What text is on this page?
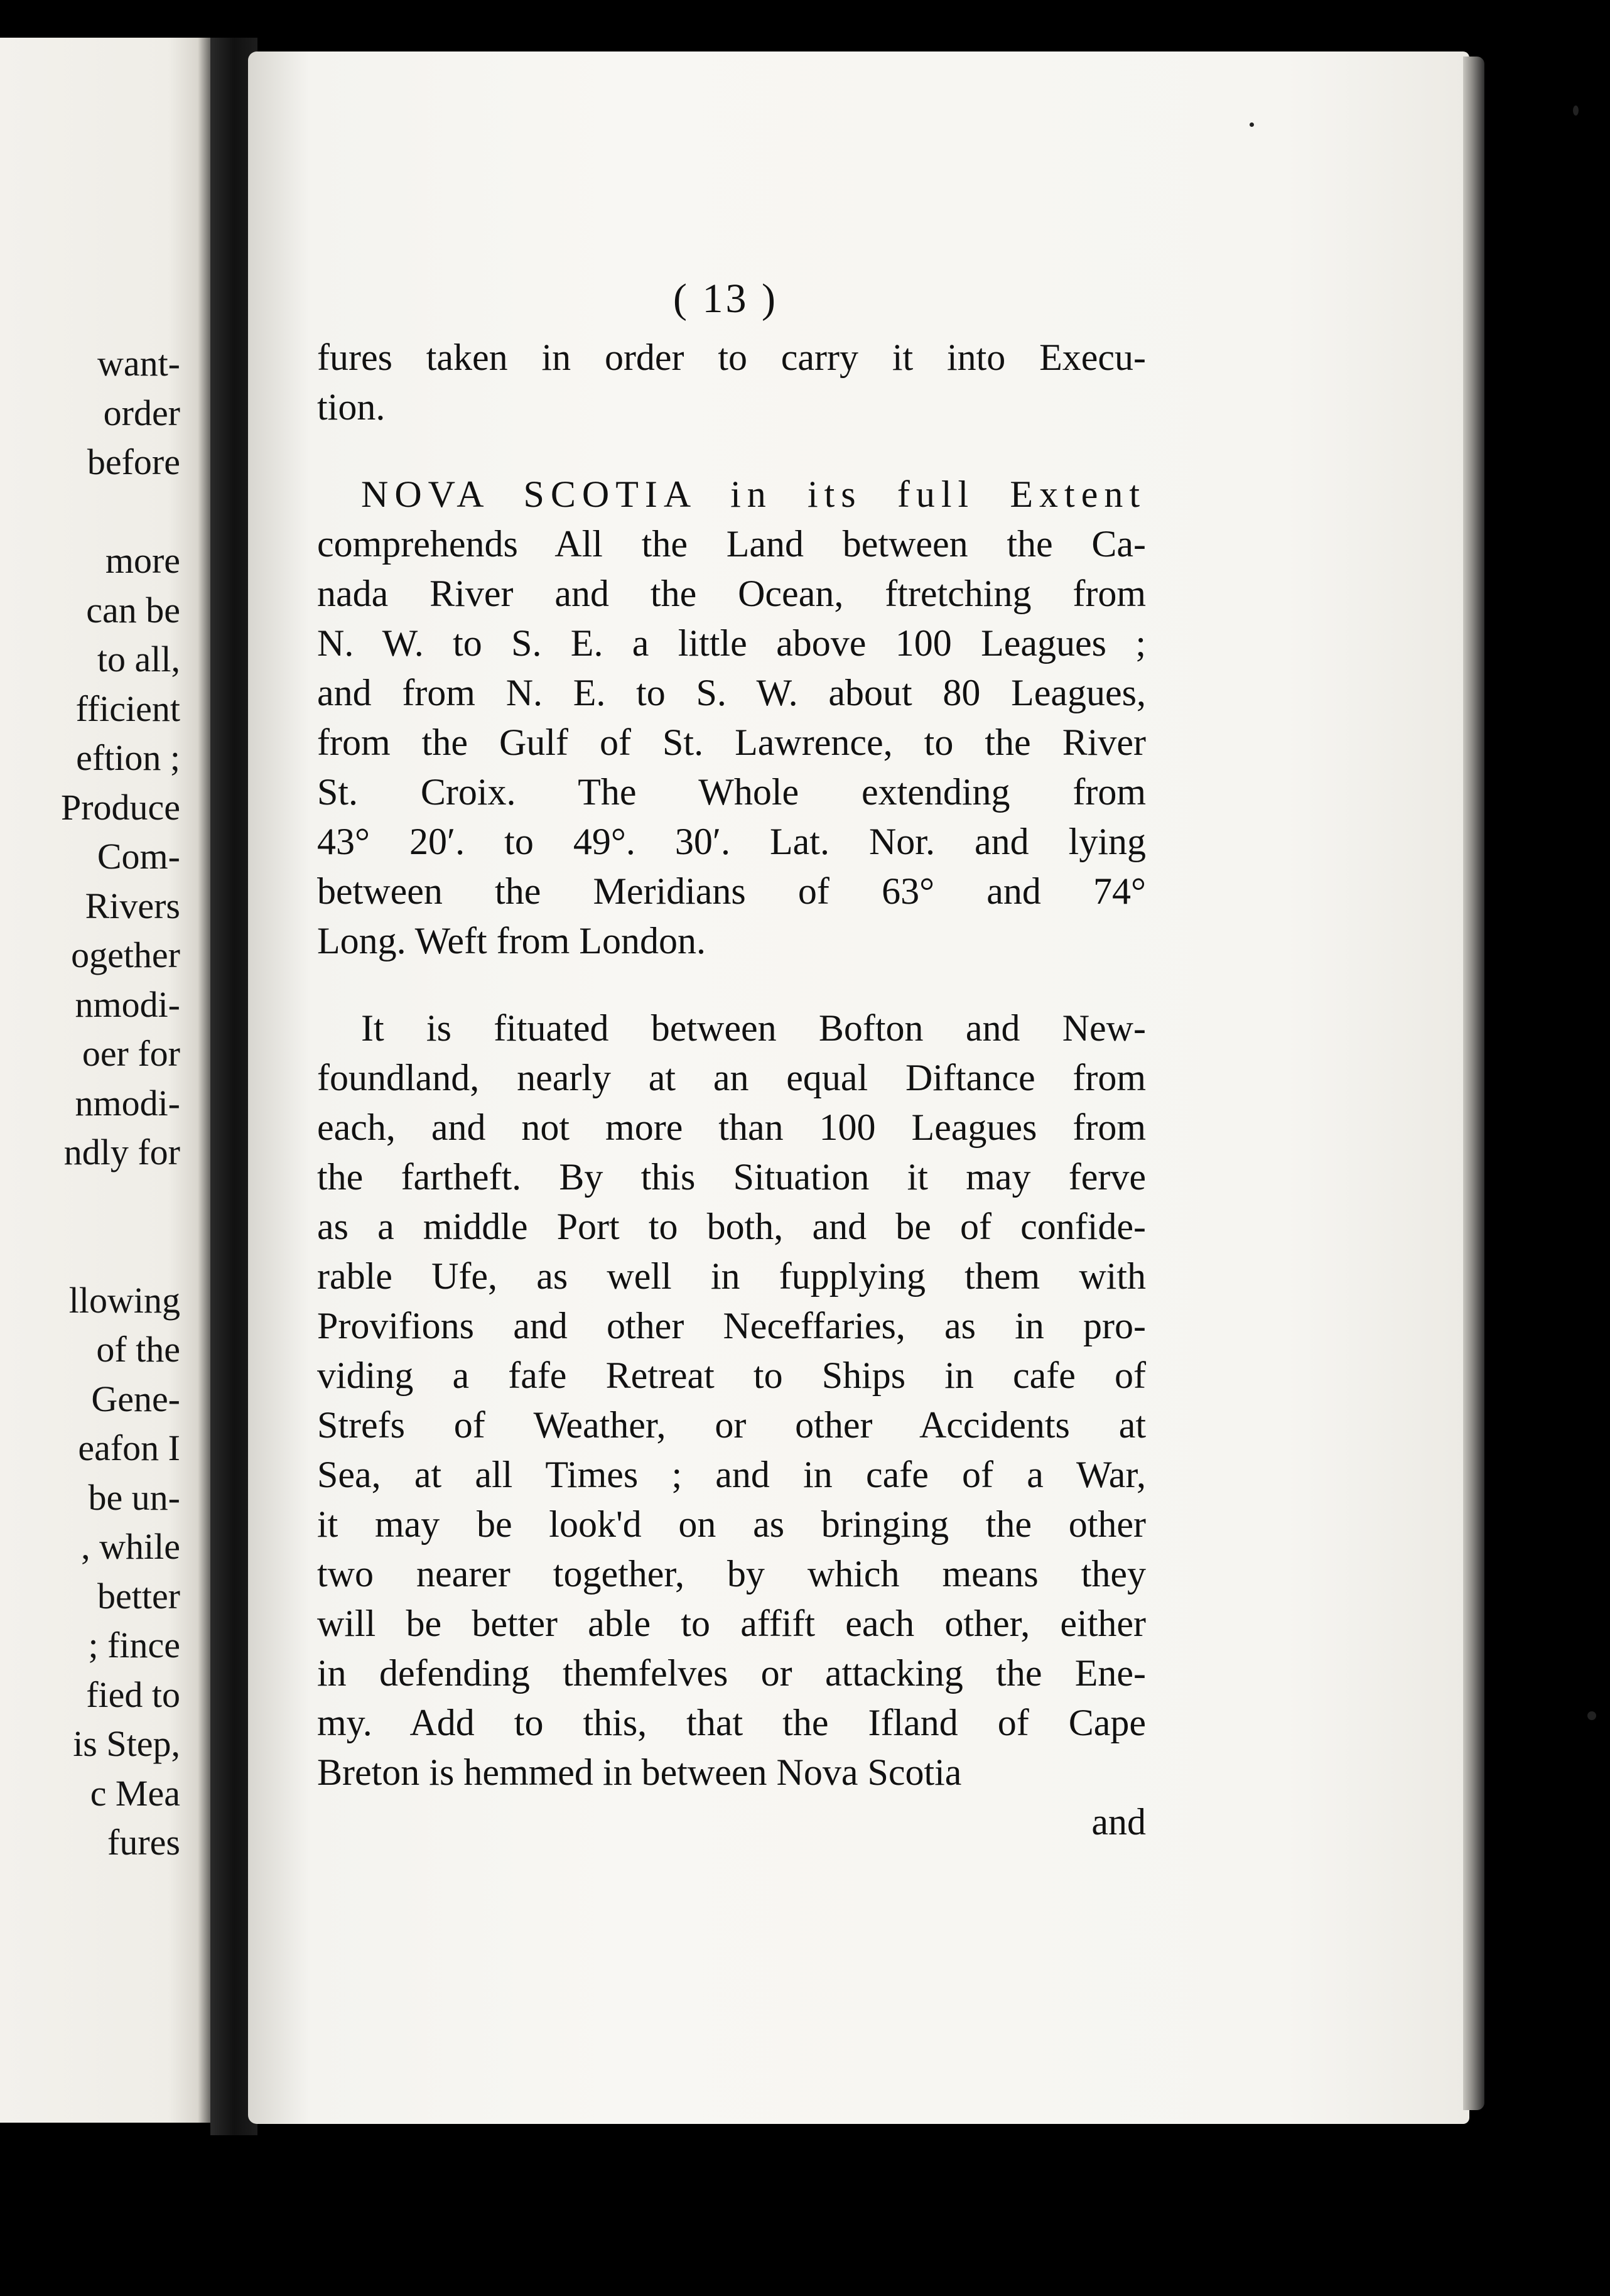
want-
order
before

more
can be
to all,
fficient
eftion ;
Produce
Com-
Rivers
ogether
nmodi-
oer for
nmodi-
ndly for

llowing
of the
Gene-
eafon I
be un-
, while
better
; fince
fied to
is Step,
c Mea
fures
( 13 )
fures taken in order to carry it into Execu-
tion.
NOVA SCOTIA in its full Extent
comprehends All the Land between the Ca-
nada River and the Ocean, ftretching from
N. W. to S. E. a little above 100 Leagues ;
and from N. E. to S. W. about 80 Leagues,
from the Gulf of St. Lawrence, to the River
St. Croix. The Whole extending from
43° 20′. to 49°. 30′. Lat. Nor. and lying
between the Meridians of 63° and 74°
Long. Weft from London.
It is fituated between Bofton and New-
foundland, nearly at an equal Diftance from
each, and not more than 100 Leagues from
the fartheft. By this Situation it may ferve
as a middle Port to both, and be of confide-
rable Ufe, as well in fupplying them with
Provifions and other Neceffaries, as in pro-
viding a fafe Retreat to Ships in cafe of
Strefs of Weather, or other Accidents at
Sea, at all Times ; and in cafe of a War,
it may be look'd on as bringing the other
two nearer together, by which means they
will be better able to affift each other, either
in defending themfelves or attacking the Ene-
my. Add to this, that the Ifland of Cape
Breton is hemmed in between Nova Scotia
and
